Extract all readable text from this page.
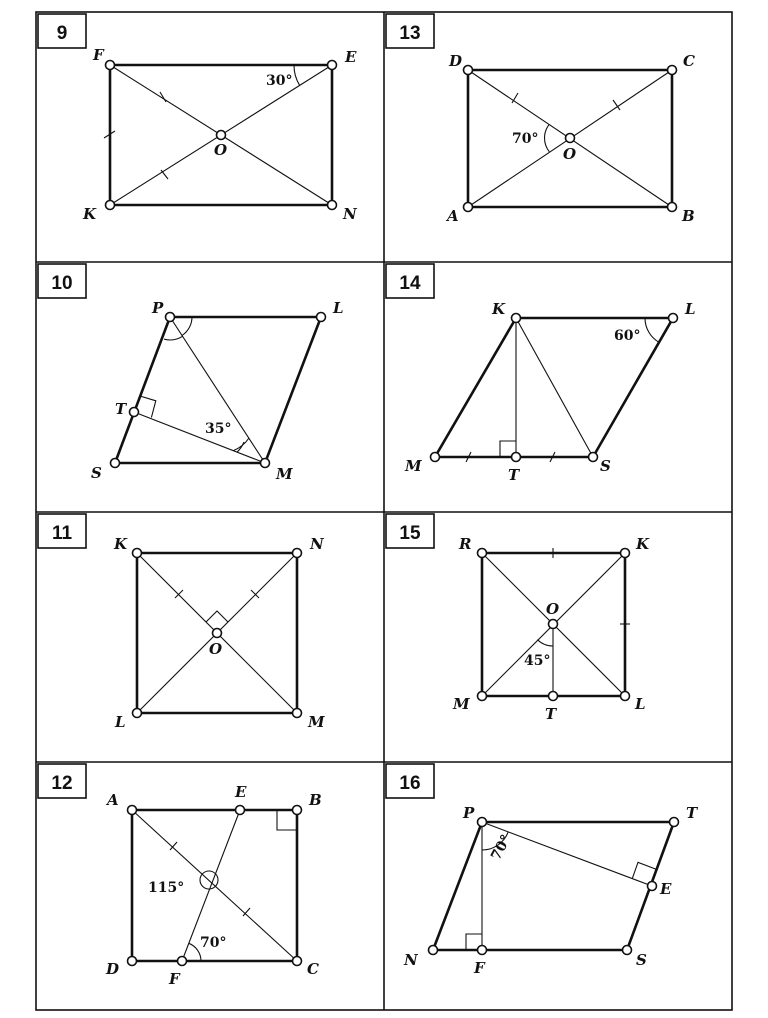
9
F	E
K	N
O
30°
13
D	C
A	B
O
70°
10
P	L
T
S	M
35°
14
K	L
M	T	S
60°
11	K	N
L	M
O
15	R	K
O
M
T
L
45°
12
A	E	B
D
F
C
115°
70°
16
P	T
E
N	F	S
70°
